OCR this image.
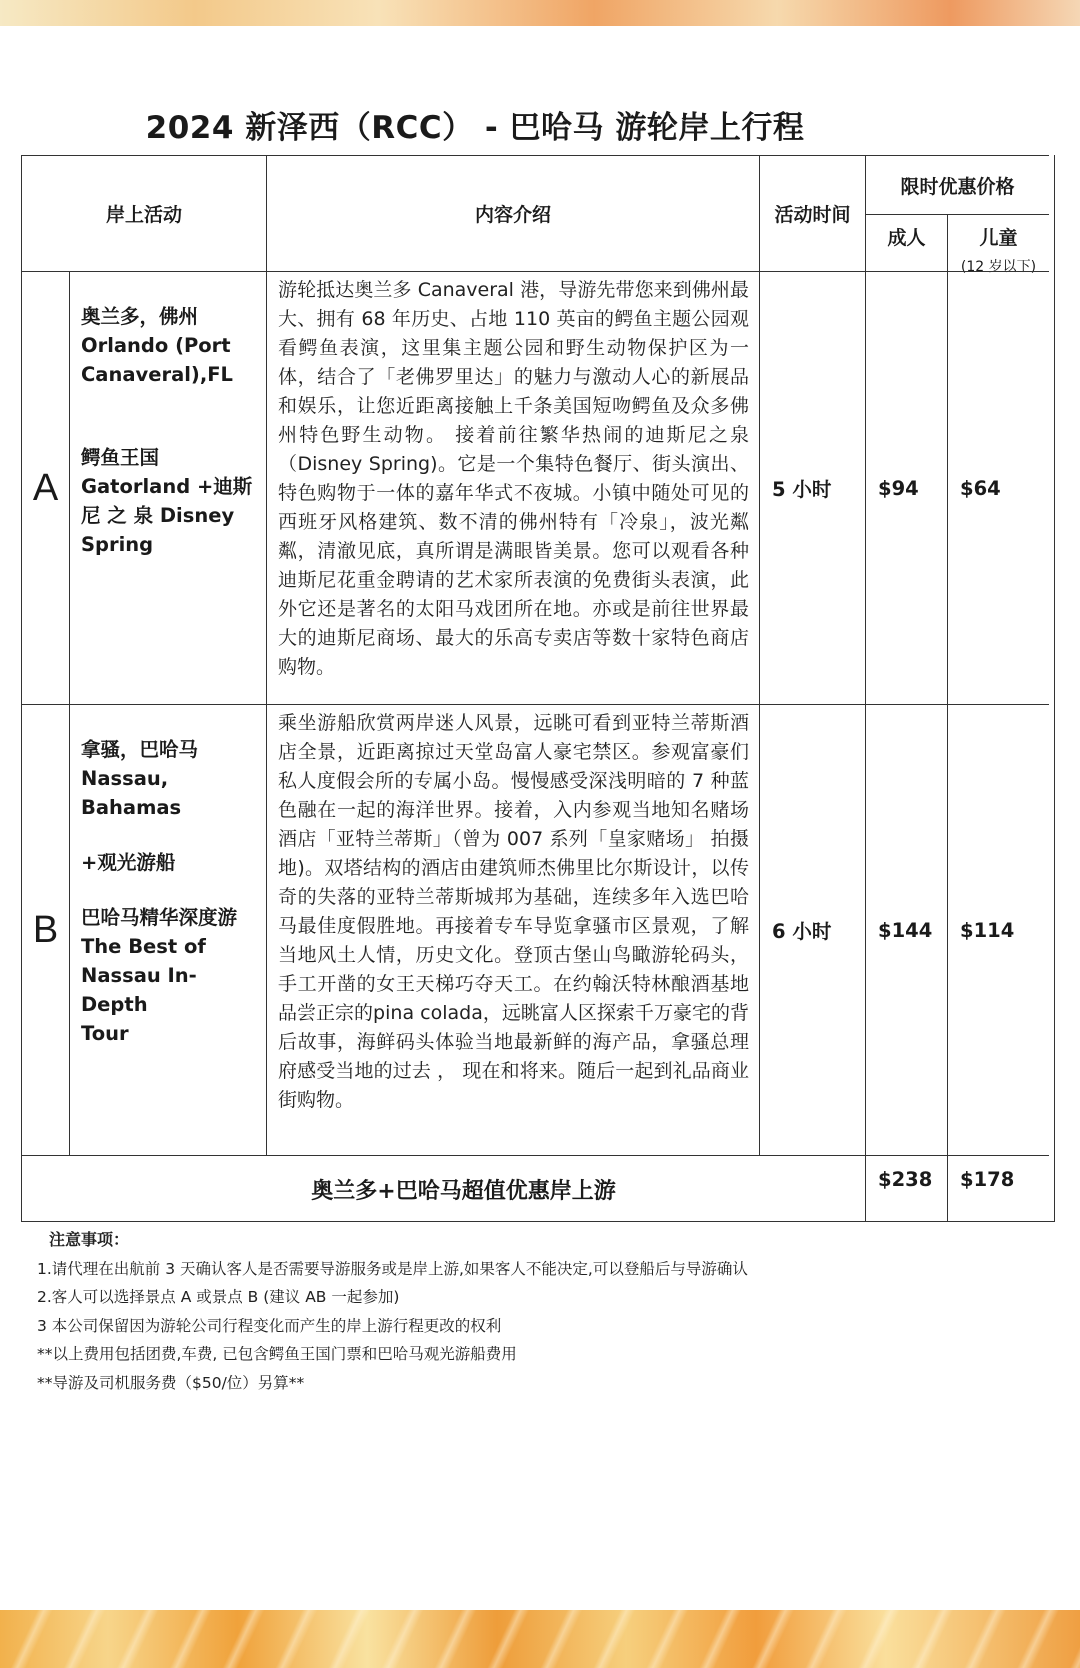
2024 新泽西（RCC） - 巴哈马 游轮岸上行程
岸上活动	内容介绍	活动时间
限时优惠价格
成人	儿童
(12 岁以下)
A
奥兰多，佛州
Orlando (Port
Canaveral),FL
鳄鱼王国
Gatorland +迪斯
尼 之 泉 Disney
Spring
游轮抵达奥兰多 Canaveral 港，导游先带您来到佛州最大、拥有 68 年历史、占地 110 英亩的鳄鱼主题公园观看鳄鱼表演，这里集主题公园和野生动物保护区为一体，结合了「老佛罗里达」的魅力与激动人心的新展品和娱乐，让您近距离接触上千条美国短吻鳄鱼及众多佛州特色野生动物。 接着前往繁华热闹的迪斯尼之泉（Disney Spring)。它是一个集特色餐厅、街头演出、特色购物于一体的嘉年华式不夜城。小镇中随处可见的西班牙风格建筑、数不清的佛州特有「冷泉」，波光粼粼，清澈见底，真所谓是满眼皆美景。您可以观看各种迪斯尼花重金聘请的艺术家所表演的免费街头表演，此外它还是著名的太阳马戏团所在地。亦或是前往世界最大的迪斯尼商场、最大的乐高专卖店等数十家特色商店购物。
5 小时	$94	$64
B
拿骚，巴哈马
Nassau, Bahamas
+观光游船
巴哈马精华深度游
The Best of
Nassau In-Depth
Tour
乘坐游船欣赏两岸迷人风景，远眺可看到亚特兰蒂斯酒店全景，近距离掠过天堂岛富人豪宅禁区。参观富豪们私人度假会所的专属小岛。慢慢感受深浅明暗的 7 种蓝色融在一起的海洋世界。接着，入内参观当地知名赌场酒店「亚特兰蒂斯」（曾为 007 系列「皇家赌场」 拍摄地)。双塔结构的酒店由建筑师杰佛里比尔斯设计，以传奇的失落的亚特兰蒂斯城邦为基础，连续多年入选巴哈马最佳度假胜地。再接着专车导览拿骚市区景观，了解当地风土人情，历史文化。登顶古堡山鸟瞰游轮码头，手工开凿的女王天梯巧夺天工。在约翰沃特林酿酒基地品尝正宗的pina colada，远眺富人区探索千万豪宅的背后故事，海鲜码头体验当地最新鲜的海产品，拿骚总理府感受当地的过去 ， 现在和将来。随后一起到礼品商业街购物。
6 小时	$144	$114
奥兰多+巴哈马超值优惠岸上游	$238	$178
注意事项：
1.请代理在出航前 3 天确认客人是否需要导游服务或是岸上游,如果客人不能决定,可以登船后与导游确认
2.客人可以选择景点 A 或景点 B (建议 AB 一起参加)
3 本公司保留因为游轮公司行程变化而产生的岸上游行程更改的权利
**以上费用包括团费,车费, 已包含鳄鱼王国门票和巴哈马观光游船费用
**导游及司机服务费（$50/位）另算**
